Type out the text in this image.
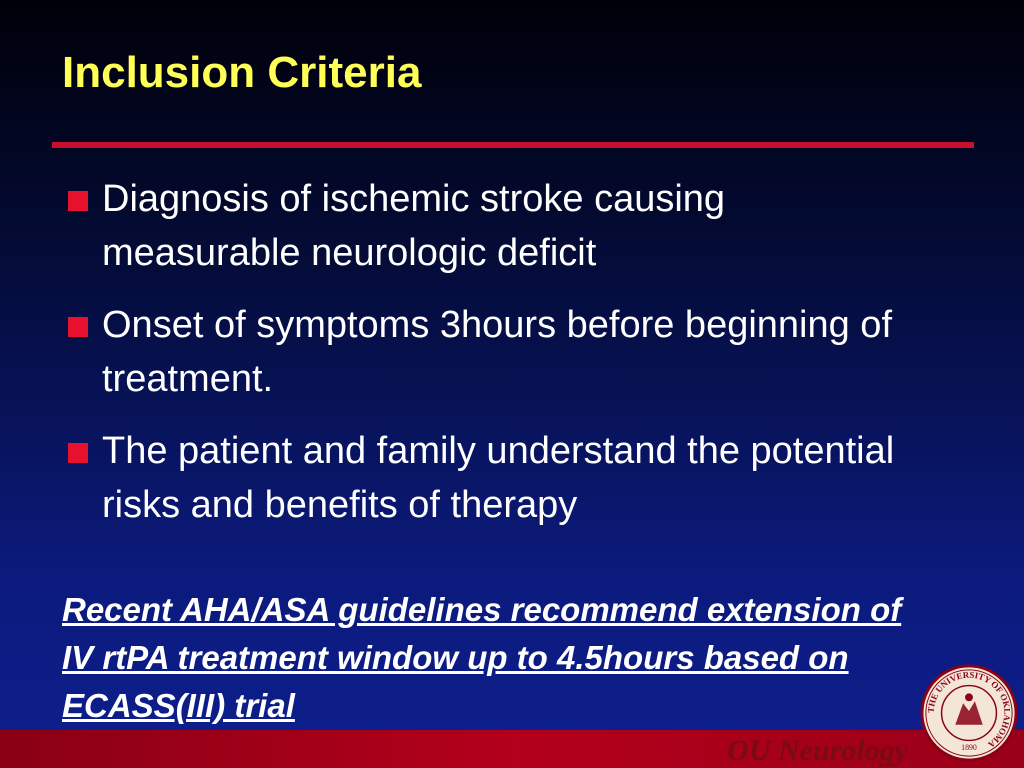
Inclusion Criteria
Diagnosis of ischemic stroke causing measurable neurologic deficit
Onset of symptoms 3hours before beginning of treatment.
The patient and family understand the potential risks and benefits of therapy
Recent AHA/ASA guidelines recommend extension of IV rtPA treatment window up to 4.5hours based on ECASS(III) trial
OU Neurology
THE UNIVERSITY OF OKLAHOMA
1890
